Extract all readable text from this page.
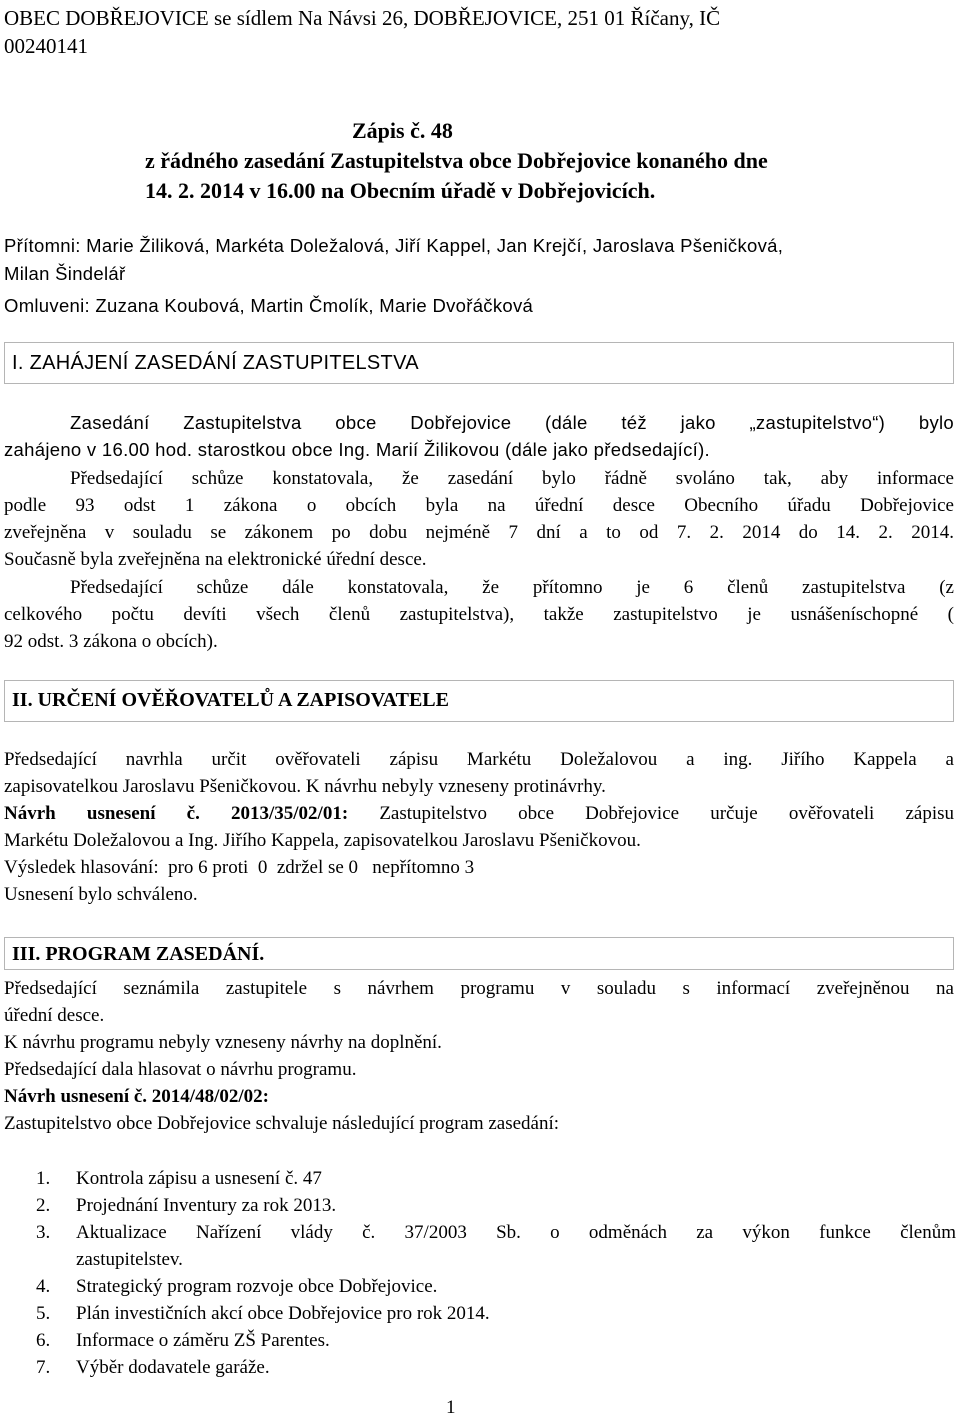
OBEC DOBŘEJOVICE se sídlem Na Návsi 26, DOBŘEJOVICE, 251 01 Říčany, IČ
00240141
Zápis č. 48
z řádného zasedání Zastupitelstva obce Dobřejovice konaného dne
14. 2. 2014 v 16.00 na Obecním úřadě v Dobřejovicích.
Přítomni: Marie Žiliková, Markéta Doležalová, Jiří Kappel, Jan Krejčí, Jaroslava Pšeničková,
Milan Šindelář
Omluveni: Zuzana Koubová, Martin Čmolík, Marie Dvořáčková
I. ZAHÁJENÍ ZASEDÁNÍ ZASTUPITELSTVA
Zasedání Zastupitelstva obce Dobřejovice (dále též jako „zastupitelstvo“) bylo
zahájeno v 16.00 hod. starostkou obce Ing. Marií Žilikovou (dále jako předsedající).
Předsedající schůze konstatovala, že zasedání bylo řádně svoláno tak, aby informace
podle 93 odst 1 zákona o obcích byla na úřední desce Obecního úřadu Dobřejovice
zveřejněna v souladu se zákonem po dobu nejméně 7 dní a to od 7. 2. 2014 do 14. 2. 2014.
Současně byla zveřejněna na elektronické úřední desce.
Předsedající schůze dále konstatovala, že přítomno je 6 členů zastupitelstva (z
celkového počtu devíti všech členů zastupitelstva), takže zastupitelstvo je usnášeníschopné (
92 odst. 3 zákona o obcích).
II. URČENÍ OVĚŘOVATELŮ A ZAPISOVATELE
Předsedající navrhla určit ověřovateli zápisu Markétu Doležalovou a ing. Jiřího Kappela a
zapisovatelkou Jaroslavu Pšeničkovou. K návrhu nebyly vzneseny protinávrhy.
Návrh usnesení č. 2013/35/02/01: Zastupitelstvo obce Dobřejovice určuje ověřovateli zápisu
Markétu Doležalovou a Ing. Jiřího Kappela, zapisovatelkou Jaroslavu Pšeničkovou.
Výsledek hlasování:  pro 6 proti  0  zdržel se 0   nepřítomno 3
Usnesení bylo schváleno.
III. PROGRAM ZASEDÁNÍ.
Předsedající seznámila zastupitele s návrhem programu v souladu s informací zveřejněnou na
úřední desce.
K návrhu programu nebyly vzneseny návrhy na doplnění.
Předsedající dala hlasovat o návrhu programu.
Návrh usnesení č. 2014/48/02/02:
Zastupitelstvo obce Dobřejovice schvaluje následující program zasedání:
1. Kontrola zápisu a usnesení č. 47
2. Projednání Inventury za rok 2013.
3. Aktualizace Nařízení vlády č. 37/2003 Sb. o odměnách za výkon funkce členům
zastupitelstev.
4. Strategický program rozvoje obce Dobřejovice.
5. Plán investičních akcí obce Dobřejovice pro rok 2014.
6. Informace o záměru ZŠ Parentes.
7. Výběr dodavatele garáže.
1
